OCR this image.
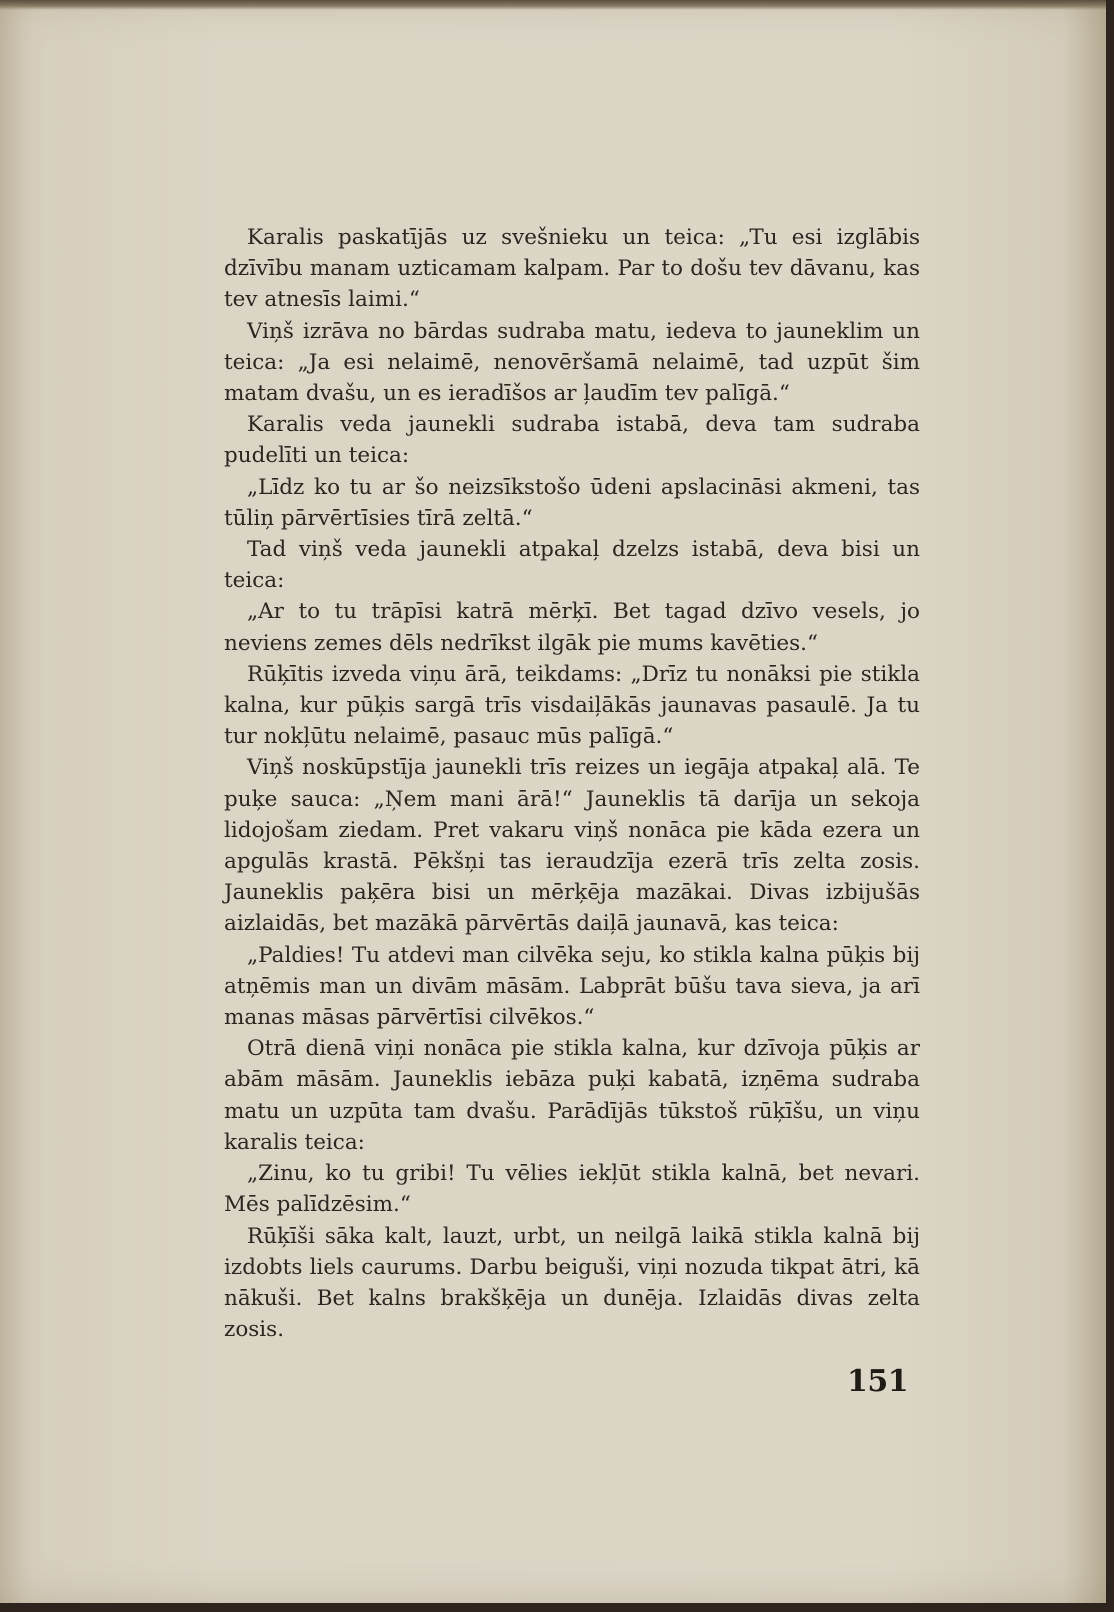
Karalis paskatījās uz svešnieku un teica: „Tu esi izglābis dzīvību manam uzticamam kalpam. Par to došu tev dāvanu, kas tev atnesīs laimi.“

Viņš izrāva no bārdas sudraba matu, iedeva to jauneklim un teica: „Ja esi nelaimē, nenovēršamā nelaimē, tad uzpūt šim matam dvašu, un es ieradīšos ar ļaudīm tev palīgā.“

Karalis veda jaunekli sudraba istabā, deva tam sudraba pudelīti un teica:

„Līdz ko tu ar šo neizsīkstošo ūdeni apslacināsi akmeni, tas tūliņ pārvērtīsies tīrā zeltā.“

Tad viņš veda jaunekli atpakaļ dzelzs istabā, deva bisi un teica:

„Ar to tu trāpīsi katrā mērķī. Bet tagad dzīvo vesels, jo neviens zemes dēls nedrīkst ilgāk pie mums kavēties.“

Rūķītis izveda viņu ārā, teikdams: „Drīz tu nonāksi pie stikla kalna, kur pūķis sargā trīs visdaiļākās jaunavas pasaulē. Ja tu tur nokļūtu nelaimē, pasauc mūs palīgā.“

Viņš noskūpstīja jaunekli trīs reizes un iegāja atpakaļ alā. Te puķe sauca: „Ņem mani ārā!“ Jauneklis tā darīja un sekoja lidojošam ziedam. Pret vakaru viņš nonāca pie kāda ezera un apgulās krastā. Pēkšņi tas ieraudzīja ezerā trīs zelta zosis. Jauneklis paķēra bisi un mērķēja mazākai. Divas izbijušās aizlaidās, bet mazākā pārvērtās daiļā jaunavā, kas teica:

„Paldies! Tu atdevi man cilvēka seju, ko stikla kalna pūķis bij atņēmis man un divām māsām. Labprāt būšu tava sieva, ja arī manas māsas pārvērtīsi cilvēkos.“

Otrā dienā viņi nonāca pie stikla kalna, kur dzīvoja pūķis ar abām māsām. Jauneklis iebāza puķi kabatā, izņēma sudraba matu un uzpūta tam dvašu. Parādījās tūkstoš rūķīšu, un viņu karalis teica:

„Zinu, ko tu gribi! Tu vēlies iekļūt stikla kalnā, bet nevari. Mēs palīdzēsim.“

Rūķīši sāka kalt, lauzt, urbt, un neilgā laikā stikla kalnā bij izdobts liels caurums. Darbu beiguši, viņi nozuda tikpat ātri, kā nākuši. Bet kalns brakšķēja un dunēja. Izlaidās divas zelta zosis.

151
